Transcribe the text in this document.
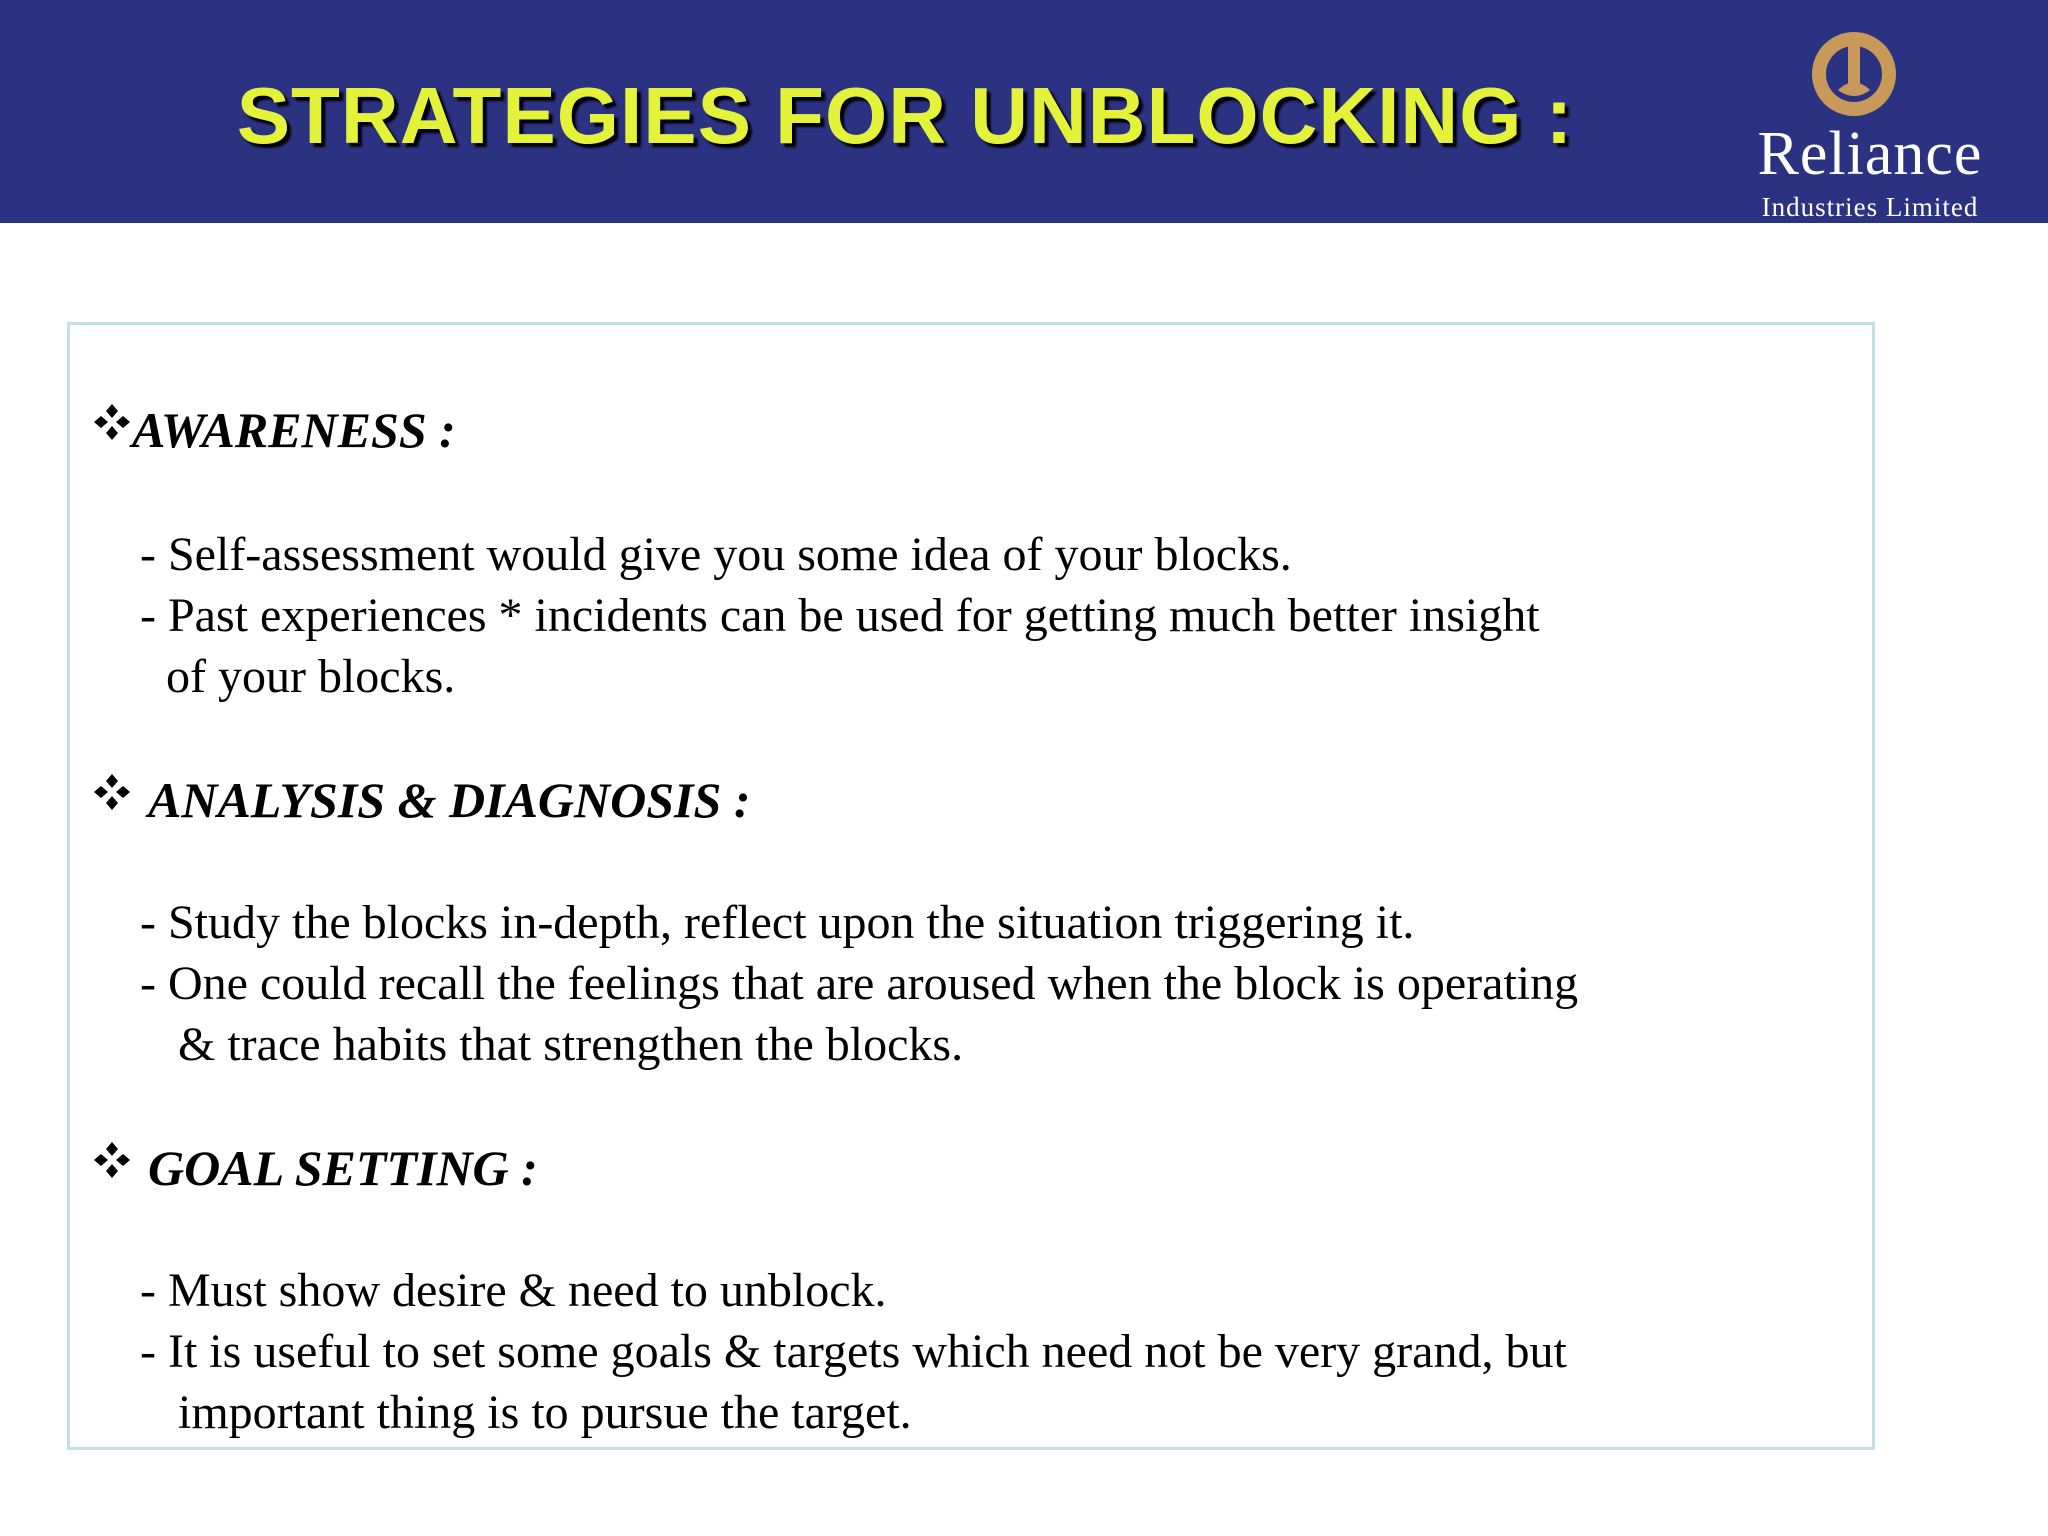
STRATEGIES FOR UNBLOCKING :	Reliance
Industries Limited
AWARENESS :
- Self-assessment would give you some idea of your blocks.
- Past experiences * incidents can be used for getting much better insight
of your blocks.
ANALYSIS & DIAGNOSIS :
- Study the blocks in-depth, reflect upon the situation triggering it.
- One could recall the feelings that are aroused when the block is operating
& trace habits that strengthen the blocks.
GOAL SETTING :
- Must show desire & need to unblock.
- It is useful to set some goals & targets which need not be very grand, but
important thing is to pursue the target.
